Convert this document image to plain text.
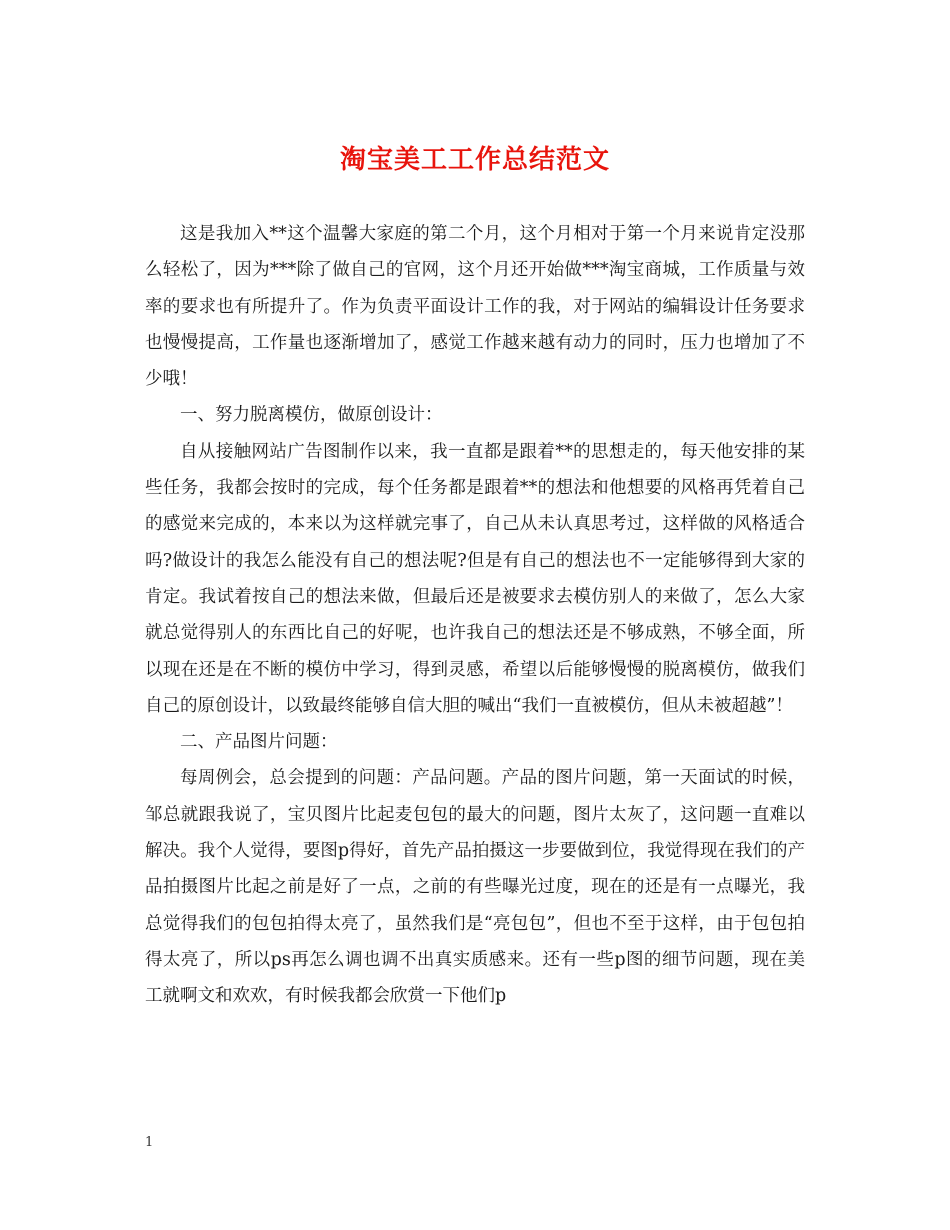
淘宝美工工作总结范文

这是我加入**这个温馨大家庭的第二个月，这个月相对于第一个月来说肯定没那么轻松了，因为***除了做自己的官网，这个月还开始做***淘宝商城，工作质量与效率的要求也有所提升了。作为负责平面设计工作的我，对于网站的编辑设计任务要求也慢慢提高，工作量也逐渐增加了，感觉工作越来越有动力的同时，压力也增加了不少哦！

一、努力脱离模仿，做原创设计：

自从接触网站广告图制作以来，我一直都是跟着**的思想走的，每天他安排的某些任务，我都会按时的完成，每个任务都是跟着**的想法和他想要的风格再凭着自己的感觉来完成的，本来以为这样就完事了，自己从未认真思考过，这样做的风格适合吗?做设计的我怎么能没有自己的想法呢?但是有自己的想法也不一定能够得到大家的肯定。我试着按自己的想法来做，但最后还是被要求去模仿别人的来做了，怎么大家就总觉得别人的东西比自己的好呢，也许我自己的想法还是不够成熟，不够全面，所以现在还是在不断的模仿中学习，得到灵感，希望以后能够慢慢的脱离模仿，做我们自己的原创设计，以致最终能够自信大胆的喊出“我们一直被模仿，但从未被超越”！

二、产品图片问题：

每周例会，总会提到的问题：产品问题。产品的图片问题，第一天面试的时候，邹总就跟我说了，宝贝图片比起麦包包的最大的问题，图片太灰了，这问题一直难以解决。我个人觉得，要图p得好，首先产品拍摄这一步要做到位，我觉得现在我们的产品拍摄图片比起之前是好了一点，之前的有些曝光过度，现在的还是有一点曝光，我总觉得我们的包包拍得太亮了，虽然我们是“亮包包”，但也不至于这样，由于包包拍得太亮了，所以ps再怎么调也调不出真实质感来。还有一些p图的细节问题，现在美工就啊文和欢欢，有时候我都会欣赏一下他们p

1
